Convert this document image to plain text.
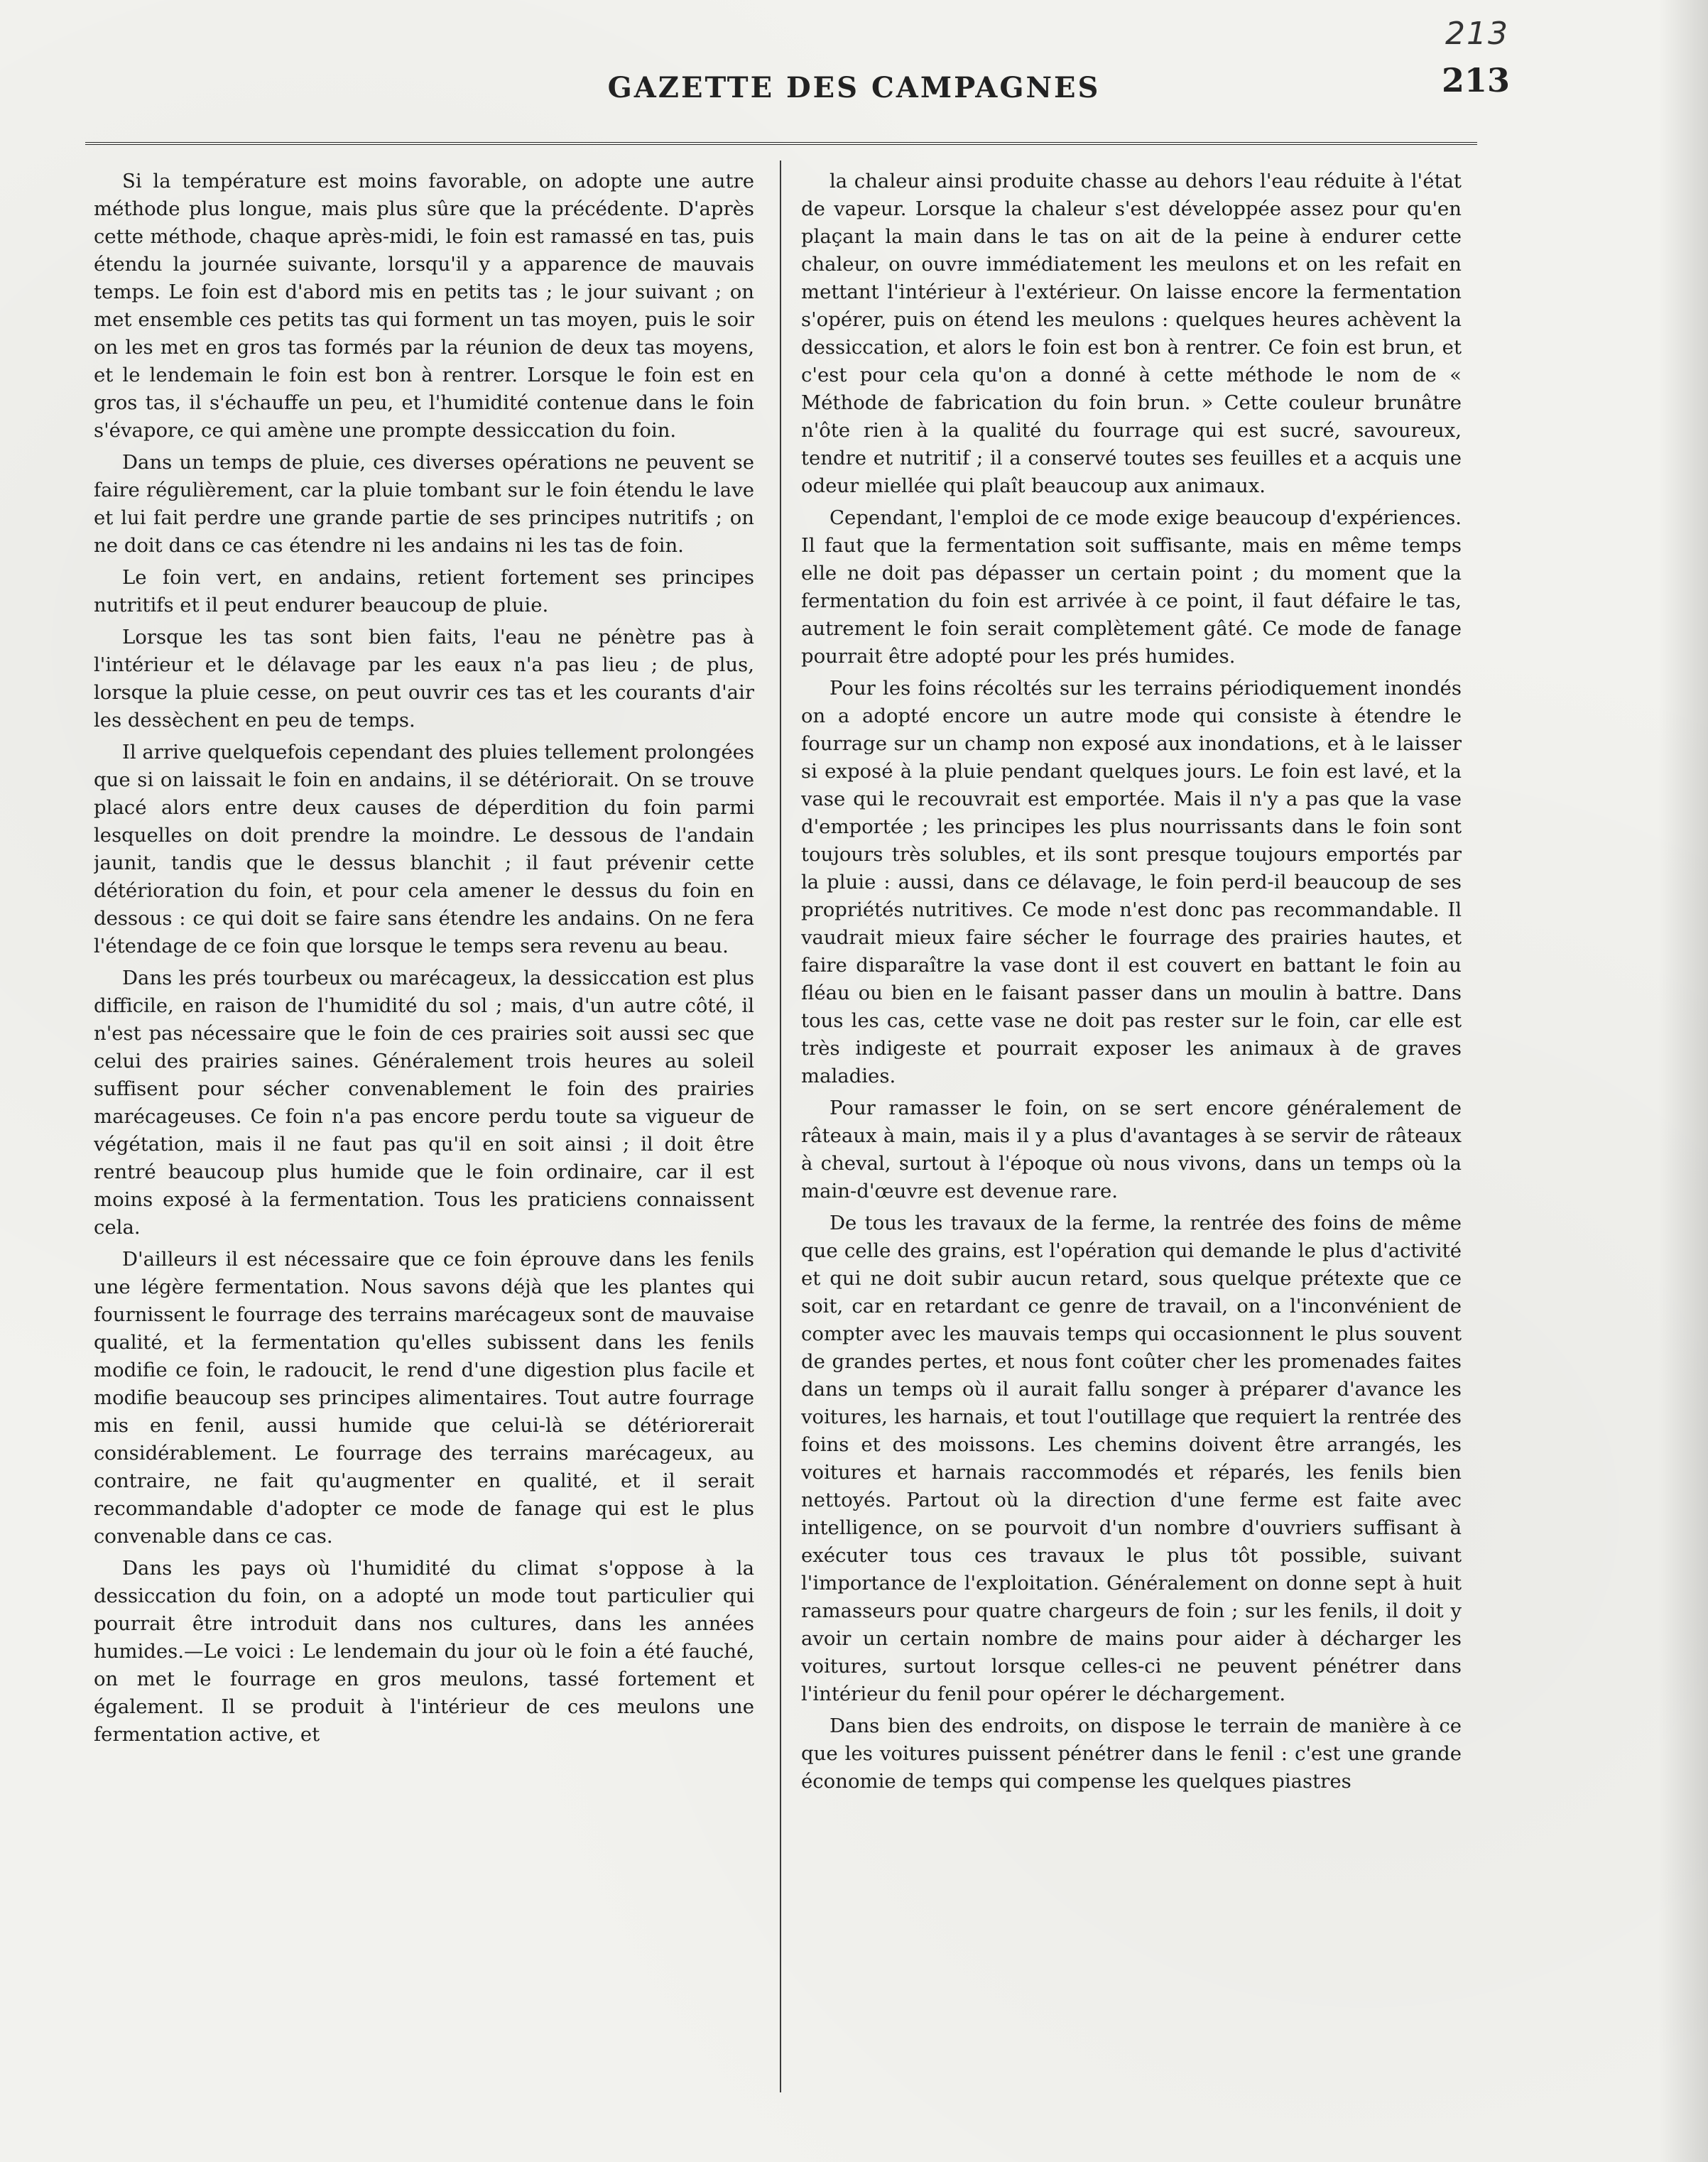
213
GAZETTE DES CAMPAGNES	213

Si la température est moins favorable, on adopte une autre méthode plus longue, mais plus sûre que la précédente. D'après cette méthode, chaque après-midi, le foin est ramassé en tas, puis étendu la journée suivante, lorsqu'il y a apparence de mauvais temps. Le foin est d'abord mis en petits tas ; le jour suivant ; on met ensemble ces petits tas qui forment un tas moyen, puis le soir on les met en gros tas formés par la réunion de deux tas moyens, et le lendemain le foin est bon à rentrer. Lorsque le foin est en gros tas, il s'échauffe un peu, et l'humidité contenue dans le foin s'évapore, ce qui amène une prompte dessiccation du foin.

Dans un temps de pluie, ces diverses opérations ne peuvent se faire régulièrement, car la pluie tombant sur le foin étendu le lave et lui fait perdre une grande partie de ses principes nutritifs ; on ne doit dans ce cas étendre ni les andains ni les tas de foin.

Le foin vert, en andains, retient fortement ses principes nutritifs et il peut endurer beaucoup de pluie.

Lorsque les tas sont bien faits, l'eau ne pénètre pas à l'intérieur et le délavage par les eaux n'a pas lieu ; de plus, lorsque la pluie cesse, on peut ouvrir ces tas et les courants d'air les dessèchent en peu de temps.

Il arrive quelquefois cependant des pluies tellement prolongées que si on laissait le foin en andains, il se détériorait. On se trouve placé alors entre deux causes de déperdition du foin parmi lesquelles on doit prendre la moindre. Le dessous de l'andain jaunit, tandis que le dessus blanchit ; il faut prévenir cette détérioration du foin, et pour cela amener le dessus du foin en dessous : ce qui doit se faire sans étendre les andains. On ne fera l'étendage de ce foin que lorsque le temps sera revenu au beau.

Dans les prés tourbeux ou marécageux, la dessiccation est plus difficile, en raison de l'humidité du sol ; mais, d'un autre côté, il n'est pas nécessaire que le foin de ces prairies soit aussi sec que celui des prairies saines. Généralement trois heures au soleil suffisent pour sécher convenablement le foin des prairies marécageuses. Ce foin n'a pas encore perdu toute sa vigueur de végétation, mais il ne faut pas qu'il en soit ainsi ; il doit être rentré beaucoup plus humide que le foin ordinaire, car il est moins exposé à la fermentation. Tous les praticiens connaissent cela.

D'ailleurs il est nécessaire que ce foin éprouve dans les fenils une légère fermentation. Nous savons déjà que les plantes qui fournissent le fourrage des terrains marécageux sont de mauvaise qualité, et la fermentation qu'elles subissent dans les fenils modifie ce foin, le radoucit, le rend d'une digestion plus facile et modifie beaucoup ses principes alimentaires. Tout autre fourrage mis en fenil, aussi humide que celui-là se détériorerait considérablement. Le fourrage des terrains marécageux, au contraire, ne fait qu'augmenter en qualité, et il serait recommandable d'adopter ce mode de fanage qui est le plus convenable dans ce cas.

Dans les pays où l'humidité du climat s'oppose à la dessiccation du foin, on a adopté un mode tout particulier qui pourrait être introduit dans nos cultures, dans les années humides.—Le voici : Le lendemain du jour où le foin a été fauché, on met le fourrage en gros meulons, tassé fortement et également. Il se produit à l'intérieur de ces meulons une fermentation active, et

la chaleur ainsi produite chasse au dehors l'eau réduite à l'état de vapeur. Lorsque la chaleur s'est développée assez pour qu'en plaçant la main dans le tas on ait de la peine à endurer cette chaleur, on ouvre immédiatement les meulons et on les refait en mettant l'intérieur à l'extérieur. On laisse encore la fermentation s'opérer, puis on étend les meulons : quelques heures achèvent la dessiccation, et alors le foin est bon à rentrer. Ce foin est brun, et c'est pour cela qu'on a donné à cette méthode le nom de « Méthode de fabrication du foin brun. » Cette couleur brunâtre n'ôte rien à la qualité du fourrage qui est sucré, savoureux, tendre et nutritif ; il a conservé toutes ses feuilles et a acquis une odeur miellée qui plaît beaucoup aux animaux.

Cependant, l'emploi de ce mode exige beaucoup d'expériences. Il faut que la fermentation soit suffisante, mais en même temps elle ne doit pas dépasser un certain point ; du moment que la fermentation du foin est arrivée à ce point, il faut défaire le tas, autrement le foin serait complètement gâté. Ce mode de fanage pourrait être adopté pour les prés humides.

Pour les foins récoltés sur les terrains périodiquement inondés on a adopté encore un autre mode qui consiste à étendre le fourrage sur un champ non exposé aux inondations, et à le laisser si exposé à la pluie pendant quelques jours. Le foin est lavé, et la vase qui le recouvrait est emportée. Mais il n'y a pas que la vase d'emportée ; les principes les plus nourrissants dans le foin sont toujours très solubles, et ils sont presque toujours emportés par la pluie : aussi, dans ce délavage, le foin perd-il beaucoup de ses propriétés nutritives. Ce mode n'est donc pas recommandable. Il vaudrait mieux faire sécher le fourrage des prairies hautes, et faire disparaître la vase dont il est couvert en battant le foin au fléau ou bien en le faisant passer dans un moulin à battre. Dans tous les cas, cette vase ne doit pas rester sur le foin, car elle est très indigeste et pourrait exposer les animaux à de graves maladies.

Pour ramasser le foin, on se sert encore généralement de râteaux à main, mais il y a plus d'avantages à se servir de râteaux à cheval, surtout à l'époque où nous vivons, dans un temps où la main-d'œuvre est devenue rare.

De tous les travaux de la ferme, la rentrée des foins de même que celle des grains, est l'opération qui demande le plus d'activité et qui ne doit subir aucun retard, sous quelque prétexte que ce soit, car en retardant ce genre de travail, on a l'inconvénient de compter avec les mauvais temps qui occasionnent le plus souvent de grandes pertes, et nous font coûter cher les promenades faites dans un temps où il aurait fallu songer à préparer d'avance les voitures, les harnais, et tout l'outillage que requiert la rentrée des foins et des moissons. Les chemins doivent être arrangés, les voitures et harnais raccommodés et réparés, les fenils bien nettoyés. Partout où la direction d'une ferme est faite avec intelligence, on se pourvoit d'un nombre d'ouvriers suffisant à exécuter tous ces travaux le plus tôt possible, suivant l'importance de l'exploitation. Généralement on donne sept à huit ramasseurs pour quatre chargeurs de foin ; sur les fenils, il doit y avoir un certain nombre de mains pour aider à décharger les voitures, surtout lorsque celles-ci ne peuvent pénétrer dans l'intérieur du fenil pour opérer le déchargement.

Dans bien des endroits, on dispose le terrain de manière à ce que les voitures puissent pénétrer dans le fenil : c'est une grande économie de temps qui compense les quelques piastres
